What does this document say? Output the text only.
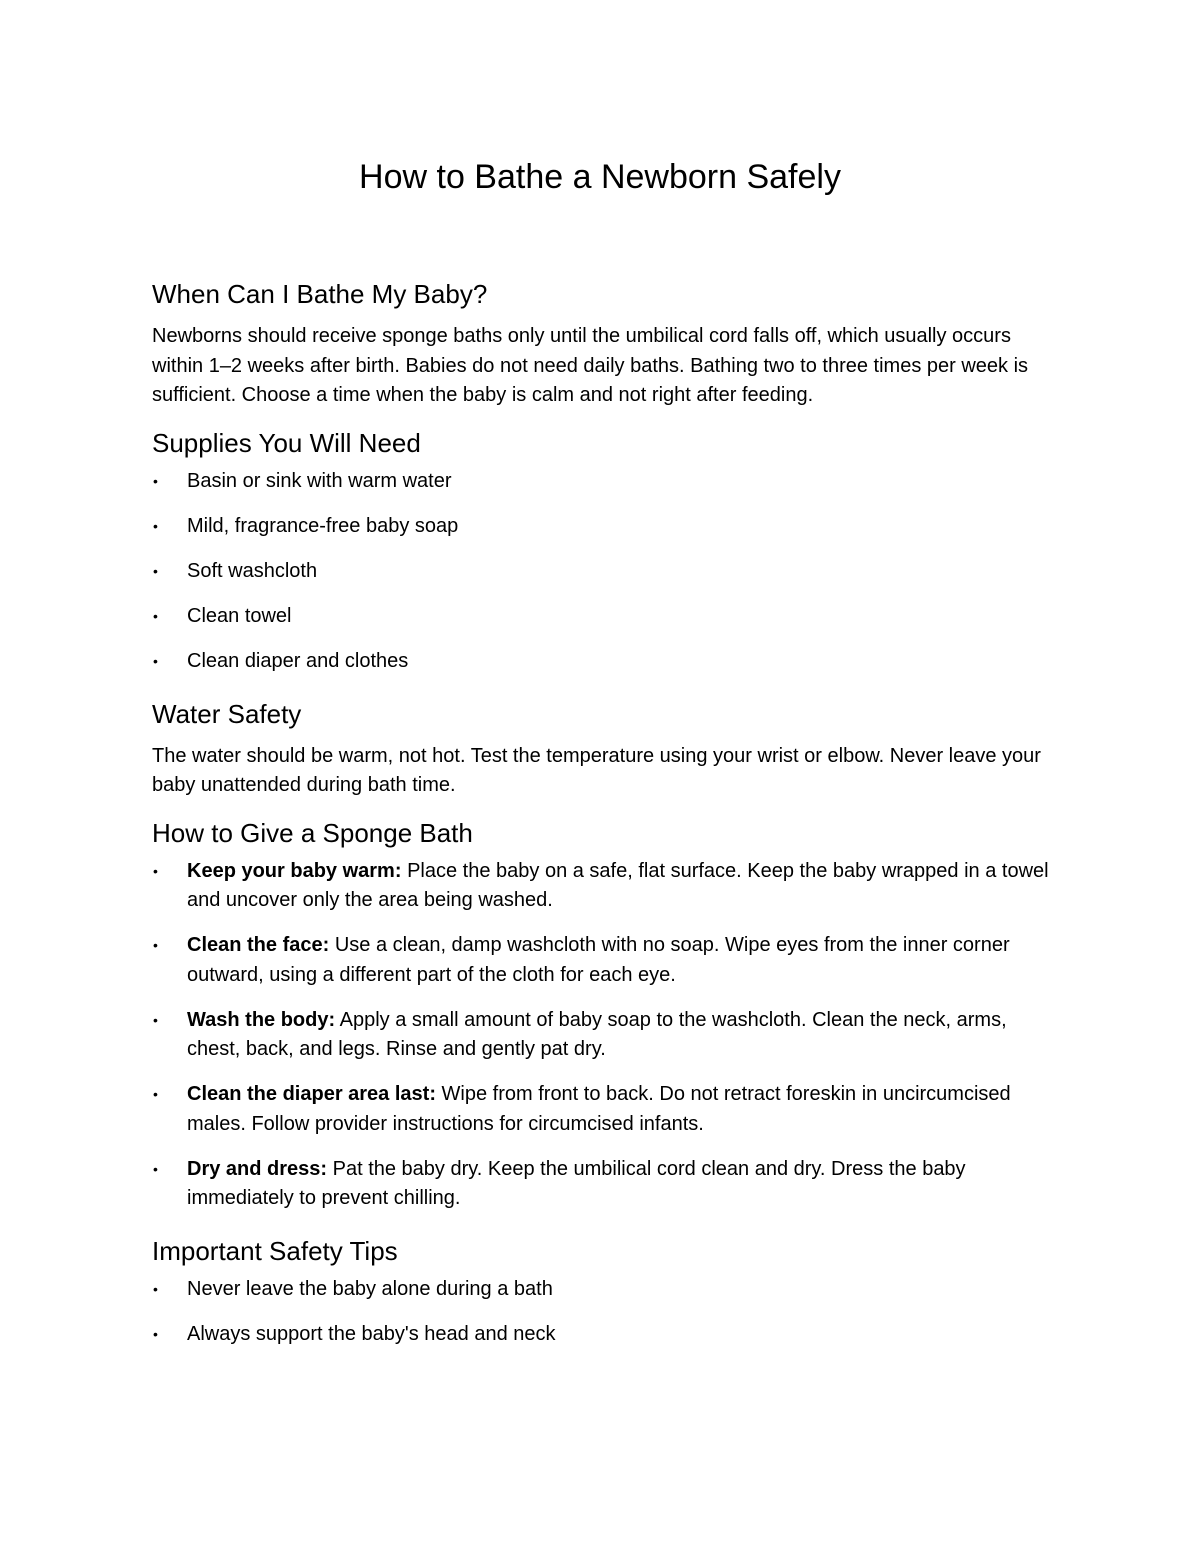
How to Bathe a Newborn Safely
When Can I Bathe My Baby?

Newborns should receive sponge baths only until the umbilical cord falls off, which usually occurs within 1–2 weeks after birth. Babies do not need daily baths. Bathing two to three times per week is sufficient. Choose a time when the baby is calm and not right after feeding.

Supplies You Will Need
• Basin or sink with warm water
• Mild, fragrance-free baby soap
• Soft washcloth
• Clean towel
• Clean diaper and clothes
Water Safety

The water should be warm, not hot. Test the temperature using your wrist or elbow. Never leave your baby unattended during bath time.

How to Give a Sponge Bath
• Keep your baby warm: Place the baby on a safe, flat surface. Keep the baby wrapped in a towel and uncover only the area being washed.
• Clean the face: Use a clean, damp washcloth with no soap. Wipe eyes from the inner corner outward, using a different part of the cloth for each eye.
• Wash the body: Apply a small amount of baby soap to the washcloth. Clean the neck, arms, chest, back, and legs. Rinse and gently pat dry.
• Clean the diaper area last: Wipe from front to back. Do not retract foreskin in uncircumcised males. Follow provider instructions for circumcised infants.
• Dry and dress: Pat the baby dry. Keep the umbilical cord clean and dry. Dress the baby immediately to prevent chilling.
Important Safety Tips
• Never leave the baby alone during a bath
• Always support the baby's head and neck
